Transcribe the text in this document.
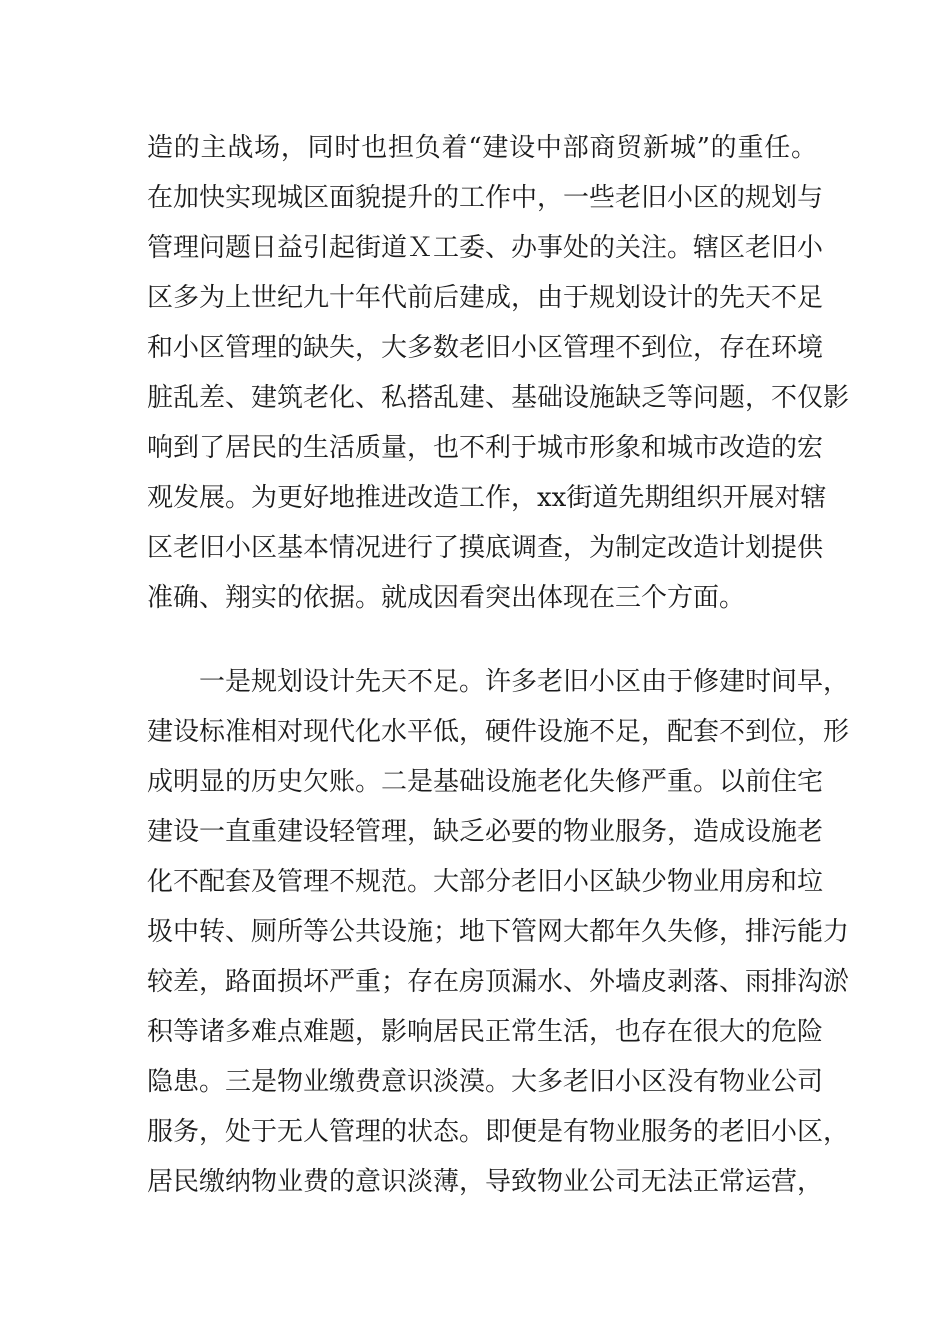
造的主战场，同时也担负着“建设中部商贸新城”的重任。
在加快实现城区面貌提升的工作中，一些老旧小区的规划与
管理问题日益引起街道Ｘ工委、办事处的关注。辖区老旧小
区多为上世纪九十年代前后建成，由于规划设计的先天不足
和小区管理的缺失，大多数老旧小区管理不到位，存在环境
脏乱差、建筑老化、私搭乱建、基础设施缺乏等问题，不仅影
响到了居民的生活质量，也不利于城市形象和城市改造的宏
观发展。为更好地推进改造工作，xx街道先期组织开展对辖
区老旧小区基本情况进行了摸底调查，为制定改造计划提供
准确、翔实的依据。就成因看突出体现在三个方面。
一是规划设计先天不足。许多老旧小区由于修建时间早，
建设标准相对现代化水平低，硬件设施不足，配套不到位，形
成明显的历史欠账。二是基础设施老化失修严重。以前住宅
建设一直重建设轻管理，缺乏必要的物业服务，造成设施老
化不配套及管理不规范。大部分老旧小区缺少物业用房和垃
圾中转、厕所等公共设施；地下管网大都年久失修，排污能力
较差，路面损坏严重；存在房顶漏水、外墙皮剥落、雨排沟淤
积等诸多难点难题，影响居民正常生活，也存在很大的危险
隐患。三是物业缴费意识淡漠。大多老旧小区没有物业公司
服务，处于无人管理的状态。即便是有物业服务的老旧小区，
居民缴纳物业费的意识淡薄，导致物业公司无法正常运营，
